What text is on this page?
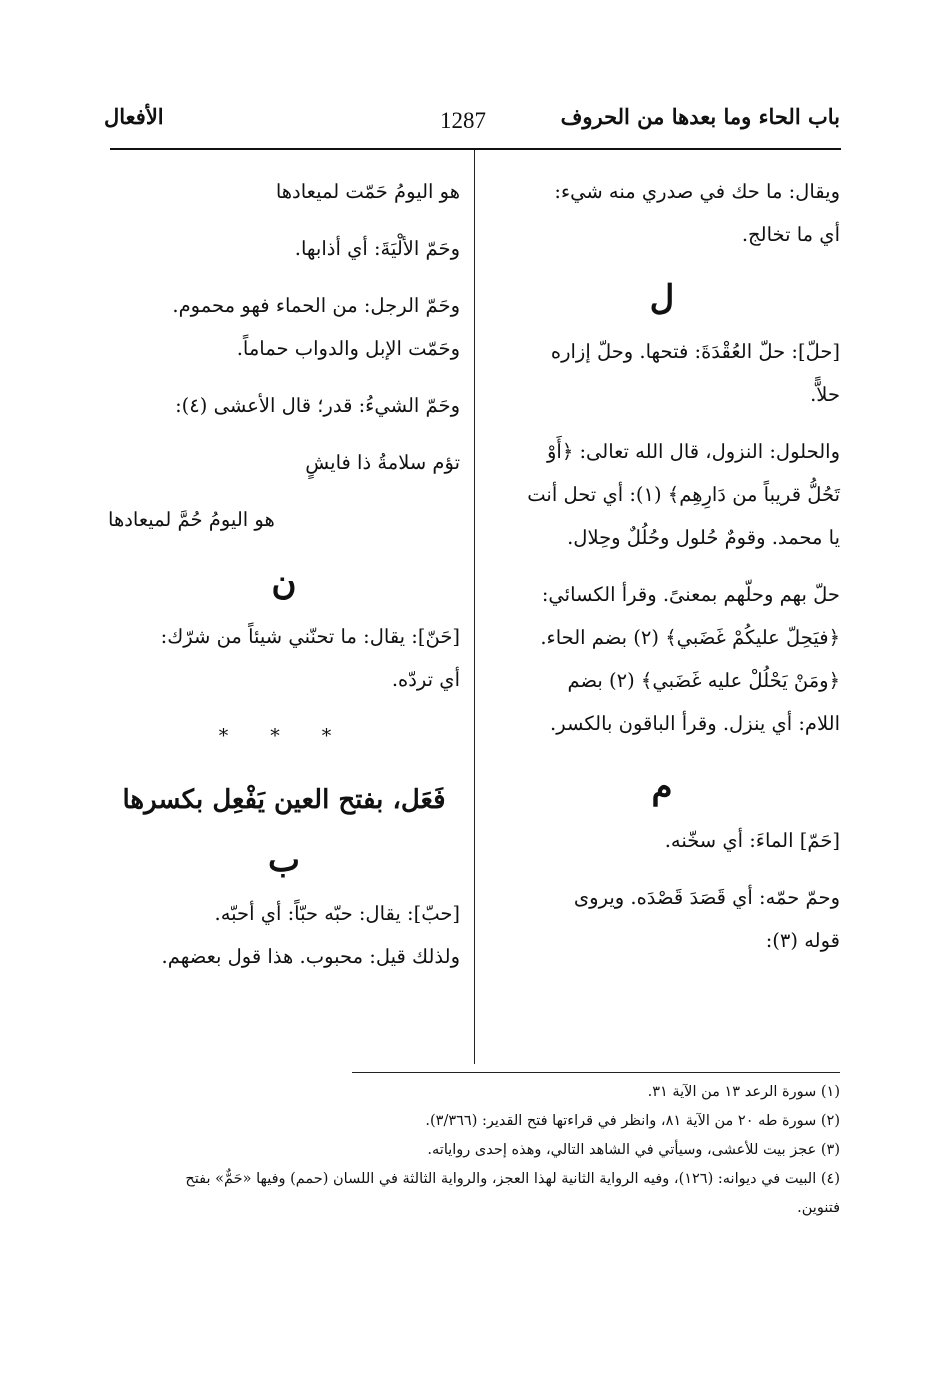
باب الحاء وما بعدها من الحروف
1287
الأفعال

ويقال: ما حك في صدري منه شيء:
أي ما تخالج.

ل

[حلّ]: حلّ العُقْدَةَ: فتحها. وحلّ إزاره
حلاًّ.

والحلول: النزول، قال الله تعالى: ﴿أَوْ
تَحُلُّ قريباً من دَارِهِم﴾ (١): أي تحل أنت
يا محمد. وقومٌ حُلول وحُلُلٌ وحِلال.

حلّ بهم وحلّهم بمعنىً. وقرأ الكسائي:
﴿فيَحِلّ عليكُمْ غَضَبي﴾ (٢) بضم الحاء.
﴿ومَنْ يَحْلُلْ عليه غَضَبي﴾ (٢) بضم
اللام: أي ينزل. وقرأ الباقون بالكسر.

م

[حَمّ] الماءَ: أي سخّنه.

وحمّ حمّه: أي قَصَدَ قَصْدَه. ويروى
قوله (٣):

هو اليومُ حَمّت لميعادها

وحَمّ الألْيَةَ: أي أذابها.

وحَمّ الرجل: من الحماء فهو محموم.
وحَمّت الإبل والدواب حماماً.

وحَمّ الشيءُ: قدر؛ قال الأعشى (٤):

تؤم سلامةُ ذا فايشٍ

هو اليومُ حُمَّ لميعادها

ن

[حَنّ]: يقال: ما تحنّني شيئاً من شرّك:
أي تردّه.

* * *
فَعَل، بفتح العين يَفْعِل بكسرها
ب

[حبّ]: يقال: حبّه حبّاً: أي أحبّه.
ولذلك قيل: محبوب. هذا قول بعضهم.

(١) سورة الرعد ١٣ من الآية ٣١.
(٢) سورة طه ٢٠ من الآية ٨١، وانظر في قراءتها فتح القدير: (٣/٣٦٦).
(٣) عجز بيت للأعشى، وسيأتي في الشاهد التالي، وهذه إحدى رواياته.
(٤) البيت في ديوانه: (١٢٦)، وفيه الرواية الثانية لهذا العجز، والرواية الثالثة في اللسان (حمم) وفيها «حَمٌّ» بفتح
فتنوين.
